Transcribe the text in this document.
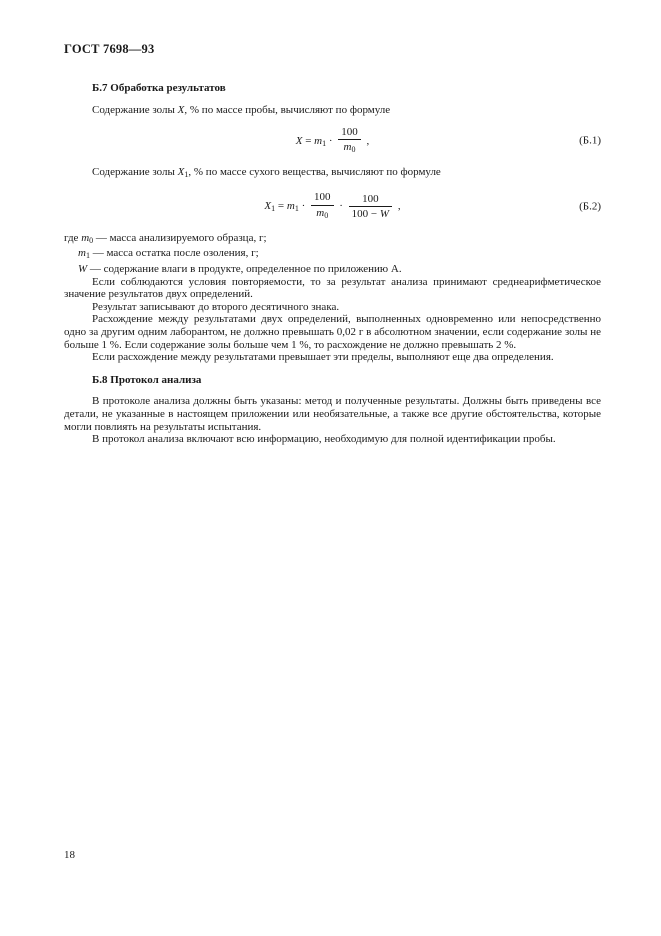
ГОСТ 7698—93

Б.7 Обработка результатов

Содержание золы X, % по массе пробы, вычисляют по формуле

$X = m_1 \cdot \frac{100}{m_0}$ ,	(Б.1)

Содержание золы X1, % по массе сухого вещества, вычисляют по формуле

$X_1 = m_1 \cdot \frac{100}{m_0} \cdot \frac{100}{100 - W}$ ,	(Б.2)

где m0 — масса анализируемого образца, г;

m1 — масса остатка после озоления, г;

W — содержание влаги в продукте, определенное по приложению А.

Если соблюдаются условия повторяемости, то за результат анализа принимают среднеарифметическое значение результатов двух определений.

Результат записывают до второго десятичного знака.

Расхождение между результатами двух определений, выполненных одновременно или непосредственно одно за другим одним лаборантом, не должно превышать 0,02 г в абсолютном значении, если содержание золы не больше 1 %. Если содержание золы больше чем 1 %, то расхождение не должно превышать 2 %.

Если расхождение между результатами превышает эти пределы, выполняют еще два определения.

Б.8 Протокол анализа

В протоколе анализа должны быть указаны: метод и полученные результаты. Должны быть приведены все детали, не указанные в настоящем приложении или необязательные, а также все другие обстоятельства, которые могли повлиять на результаты испытания.

В протокол анализа включают всю информацию, необходимую для полной идентификации пробы.

18
